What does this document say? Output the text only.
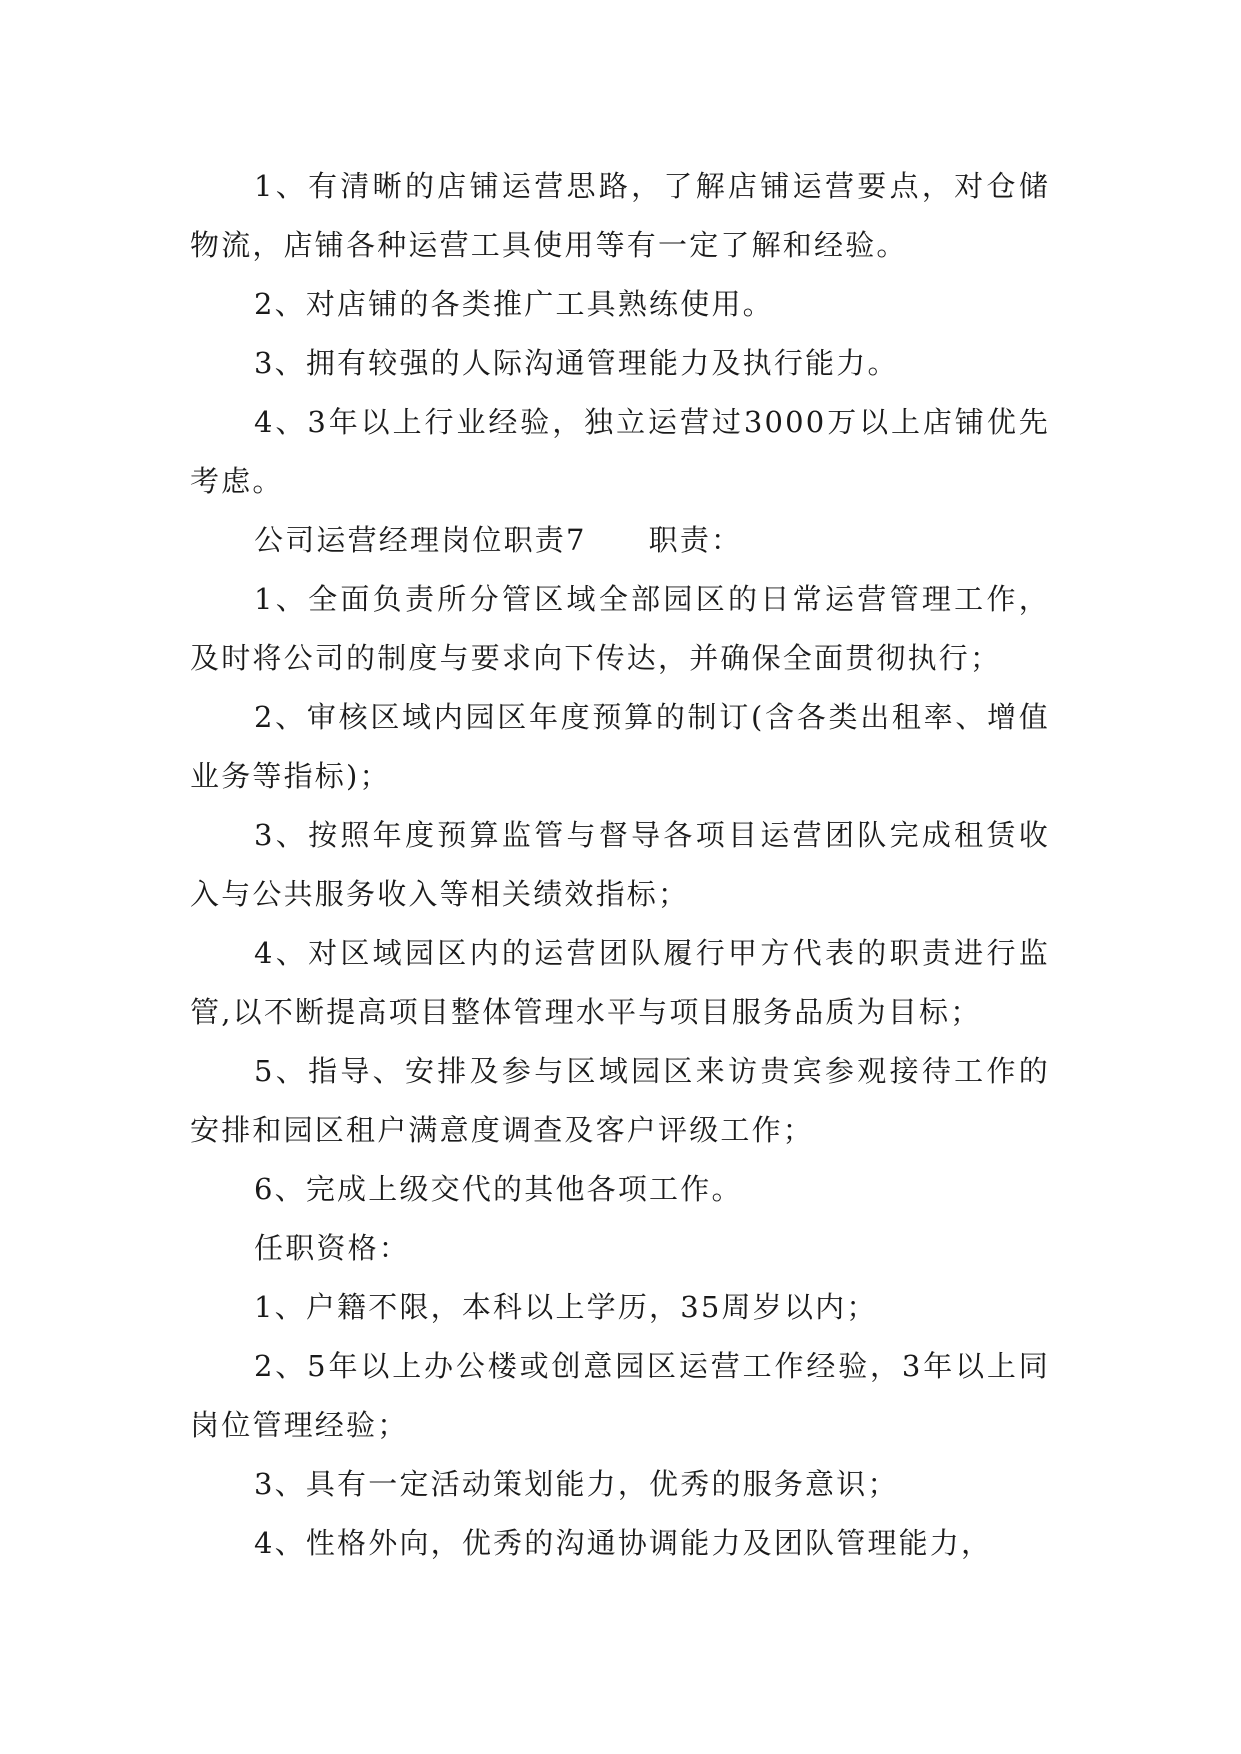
1、有清晰的店铺运营思路，了解店铺运营要点，对仓储物流，店铺各种运营工具使用等有一定了解和经验。

2、对店铺的各类推广工具熟练使用。

3、拥有较强的人际沟通管理能力及执行能力。

4、3年以上行业经验，独立运营过3000万以上店铺优先考虑。

公司运营经理岗位职责7 职责：

1、全面负责所分管区域全部园区的日常运营管理工作，及时将公司的制度与要求向下传达，并确保全面贯彻执行；

2、审核区域内园区年度预算的制订(含各类出租率、增值业务等指标)；

3、按照年度预算监管与督导各项目运营团队完成租赁收入与公共服务收入等相关绩效指标；

4、对区域园区内的运营团队履行甲方代表的职责进行监管,以不断提高项目整体管理水平与项目服务品质为目标；

5、指导、安排及参与区域园区来访贵宾参观接待工作的安排和园区租户满意度调查及客户评级工作；

6、完成上级交代的其他各项工作。

任职资格：

1、户籍不限，本科以上学历，35周岁以内；

2、5年以上办公楼或创意园区运营工作经验，3年以上同岗位管理经验；

3、具有一定活动策划能力，优秀的服务意识；

4、性格外向，优秀的沟通协调能力及团队管理能力，
